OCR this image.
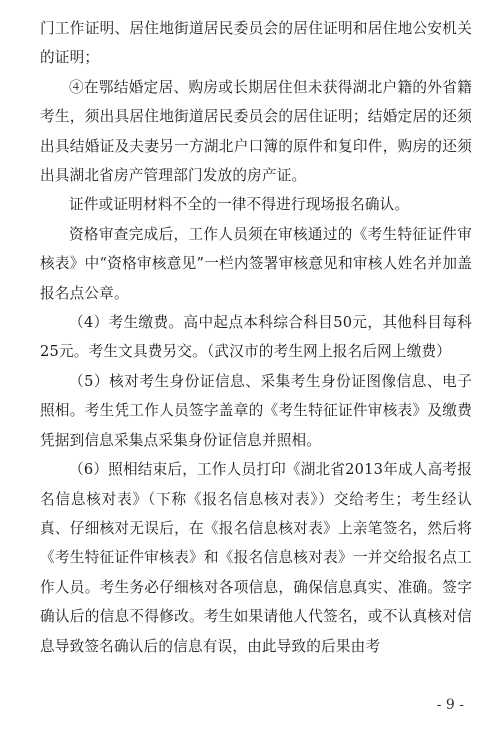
门工作证明、居住地街道居民委员会的居住证明和居住地公安机关的证明；

④在鄂结婚定居、购房或长期居住但未获得湖北户籍的外省籍考生，须出具居住地街道居民委员会的居住证明；结婚定居的还须出具结婚证及夫妻另一方湖北户口簿的原件和复印件，购房的还须出具湖北省房产管理部门发放的房产证。

证件或证明材料不全的一律不得进行现场报名确认。

资格审查完成后，工作人员须在审核通过的《考生特征证件审核表》中“资格审核意见”一栏内签署审核意见和审核人姓名并加盖报名点公章。

（4）考生缴费。高中起点本科综合科目50元，其他科目每科25元。考生文具费另交。（武汉市的考生网上报名后网上缴费）

（5）核对考生身份证信息、采集考生身份证图像信息、电子照相。考生凭工作人员签字盖章的《考生特征证件审核表》及缴费凭据到信息采集点采集身份证信息并照相。

（6）照相结束后，工作人员打印《湖北省2013年成人高考报名信息核对表》（下称《报名信息核对表》）交给考生；考生经认真、仔细核对无误后，在《报名信息核对表》上亲笔签名，然后将《考生特征证件审核表》和《报名信息核对表》一并交给报名点工作人员。考生务必仔细核对各项信息，确保信息真实、准确。签字确认后的信息不得修改。考生如果请他人代签名，或不认真核对信息导致签名确认后的信息有误，由此导致的后果由考

- 9 -
